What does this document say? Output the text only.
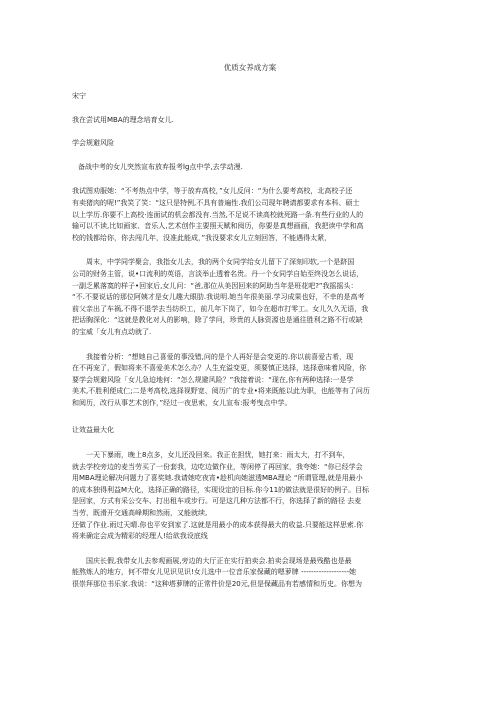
优质女养成方案

宋宁

我在尝试用MBA的理念培育女儿.

学会规避风险

备战中考的女儿突然宣布放弃报考lg点中学,去学动漫.

我试图劝服她：“不考热点中学，等于放弃高校，”女儿反问：“为什么要考高校，北高校子还

有卖猪肉的呢!”我笑了笑：“这只是特例,不具有普遍性.我们公司现年聘请都要求有本科、硕士

以上学历.你要不上高校·连面试的机会都没有.当然,不足说不读高校就死路一条.有些行业的人的

输可以不读,比如画家、音乐人,艺术创作主要照天赋和阅历，你要是真想画画，我把读中学和高

校的钱都给你，你去闯几年，没准此能成，”我没要求女儿立刻回答，不能遇得太紧，

周末，中学同学聚会，我指女儿去，我的两个女同学给女儿留下了深刻印软,一个是跻国

公司的财务主管，说•口流利的英语，言淡举止透着名贵。丹一个女同学自始至终没怎么说话，

一副乏累落寞的样子•回家后,女儿问：“爸,那位从美因回来的阿助当年是班花吧?”我摇摇头：

“不.不要说话的那位阿姨才是女儿趣大眼肋.我说明.她当年很美丽.学习成果也好，不幸的是高考

前父亲出了车祸,不得不退学去当纺织工，前几年下岗了，如今在超市打零工。女儿久久无语，我

把话胸深化：“这就是教化对人的影响，除了学问，珍贵的人脉资源也是通往胜利之路不行或缺

的宝威「女儿有点动就了.

我接着分析：“想她自己喜爱的事没错,问的是个人再好是会变更的.你以前喜爱古希，现

在不再宠了，假如将来不喜爱美术怎么办？人生充溢变更，须要慎正选择，选择意味着风险，你

要学会规避风险「女儿急迫地何：“怎么规避风险？”我接着说：“现在,你有两种选择:一是学

美术,不胜利便成仁;二是考高校,选择视野宽、阅历广的专业•将来既能以此为职，也能等有了问历

和阅历，改行从事艺术创作，”经过一夜思索，女儿宣布:报考曳点中学。

让效益最大化

一天下暴雨，晚上8点多，女儿还没回来。我正在担忧，她打来：雨太大，打不到车，

就去学校旁边的麦当劳买了一份套我，边吃边做作业，等闲停了再回家，我夸她：“你已经学会

用MBA理论解决问题力了喜奖她.我请她吃夜宵•趁机向她滋透MBA理论 “所谓管理,就是用最小

的成本独得利益M大化，选择正确的路径，实现设定的目标.你今11的做法就是很好的例子。目标

是回家，方式有采公交车、打出租车或步行。可是这几种方法都不行，你选择了新的路径 去麦

当劳，既滑开交通高峰期和然雨，又能就续,

还做了作业.雨过天晴.你也平安到家了.这就是用最小的成本获得最大的收益.只要能这样思索.你

将来确定会成为精彩的经理人!给欲我设底线

国庆长假,我带女儿去参观画展,旁边的大厅正在实行拍卖会.拍卖会现场是最残酷也是最

能熬炼人的地方，何不带女儿见识见识!女儿选中一位音乐家保藏的嗯萝牌 -------------------她

很崇拜那位书乐家.我说：“这种塔萝牌的正常件价是20元,但是保藏品有若感情和历史。你想为
